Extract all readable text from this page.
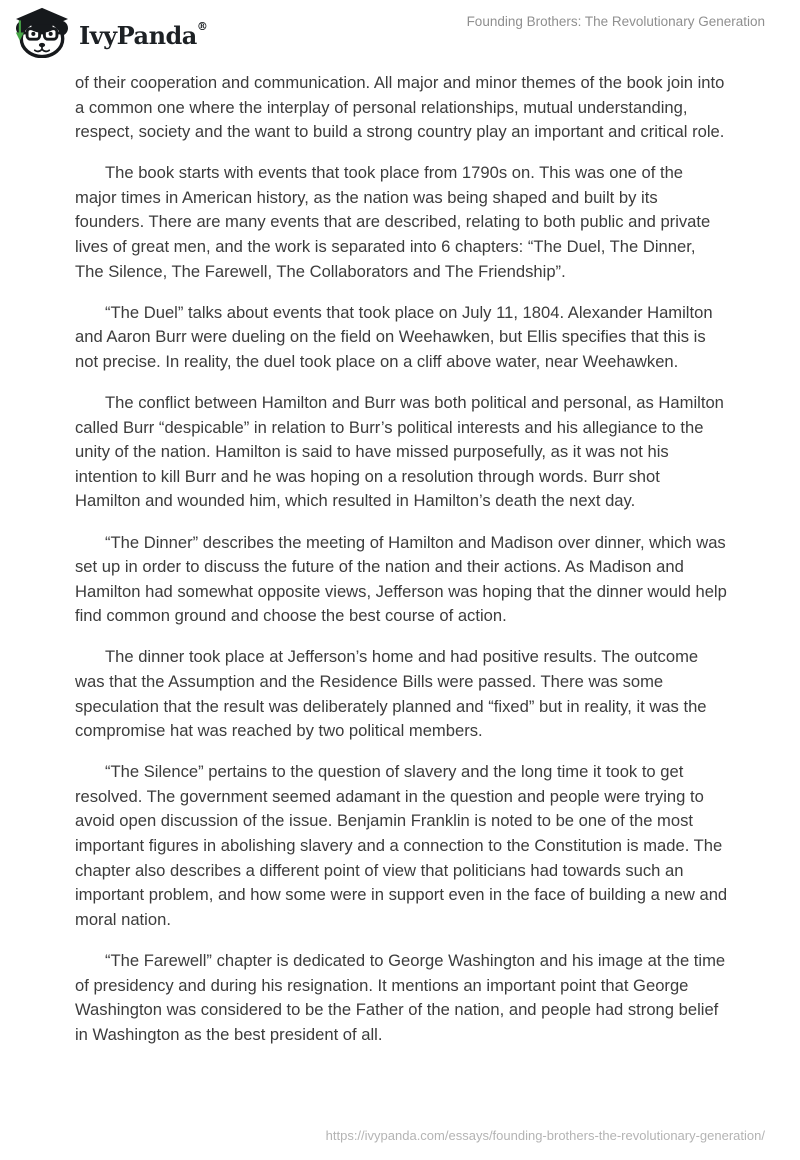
IvyPanda®	Founding Brothers: The Revolutionary Generation

of their cooperation and communication. All major and minor themes of the book join into a common one where the interplay of personal relationships, mutual understanding, respect, society and the want to build a strong country play an important and critical role.

The book starts with events that took place from 1790s on. This was one of the major times in American history, as the nation was being shaped and built by its founders. There are many events that are described, relating to both public and private lives of great men, and the work is separated into 6 chapters: “The Duel, The Dinner, The Silence, The Farewell, The Collaborators and The Friendship”.

“The Duel” talks about events that took place on July 11, 1804. Alexander Hamilton and Aaron Burr were dueling on the field on Weehawken, but Ellis specifies that this is not precise. In reality, the duel took place on a cliff above water, near Weehawken.

The conflict between Hamilton and Burr was both political and personal, as Hamilton called Burr “despicable” in relation to Burr’s political interests and his allegiance to the unity of the nation. Hamilton is said to have missed purposefully, as it was not his intention to kill Burr and he was hoping on a resolution through words. Burr shot Hamilton and wounded him, which resulted in Hamilton’s death the next day.

“The Dinner” describes the meeting of Hamilton and Madison over dinner, which was set up in order to discuss the future of the nation and their actions. As Madison and Hamilton had somewhat opposite views, Jefferson was hoping that the dinner would help find common ground and choose the best course of action.

The dinner took place at Jefferson’s home and had positive results. The outcome was that the Assumption and the Residence Bills were passed. There was some speculation that the result was deliberately planned and “fixed” but in reality, it was the compromise hat was reached by two political members.

“The Silence” pertains to the question of slavery and the long time it took to get resolved. The government seemed adamant in the question and people were trying to avoid open discussion of the issue. Benjamin Franklin is noted to be one of the most important figures in abolishing slavery and a connection to the Constitution is made. The chapter also describes a different point of view that politicians had towards such an important problem, and how some were in support even in the face of building a new and moral nation.

“The Farewell” chapter is dedicated to George Washington and his image at the time of presidency and during his resignation. It mentions an important point that George Washington was considered to be the Father of the nation, and people had strong belief in Washington as the best president of all.

https://ivypanda.com/essays/founding-brothers-the-revolutionary-generation/
